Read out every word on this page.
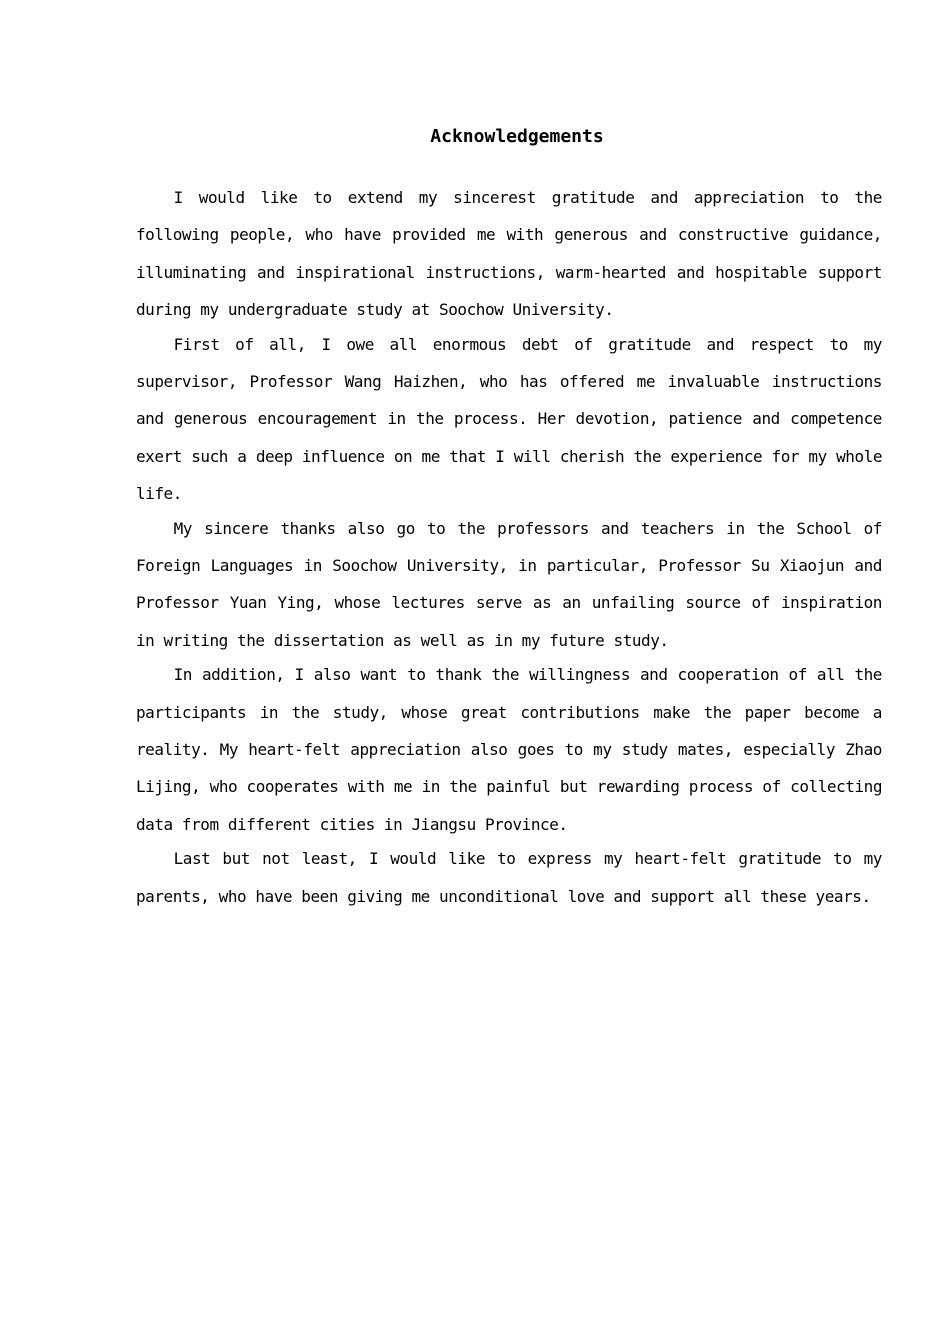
Acknowledgements

I would like to extend my sincerest gratitude and appreciation to the following people, who have provided me with generous and constructive guidance, illuminating and inspirational instructions, warm-hearted and hospitable support during my undergraduate study at Soochow University.

First of all, I owe all enormous debt of gratitude and respect to my supervisor, Professor Wang Haizhen, who has offered me invaluable instructions and generous encouragement in the process. Her devotion, patience and competence exert such a deep influence on me that I will cherish the experience for my whole life.

My sincere thanks also go to the professors and teachers in the School of Foreign Languages in Soochow University, in particular, Professor Su Xiaojun and Professor Yuan Ying, whose lectures serve as an unfailing source of inspiration in writing the dissertation as well as in my future study.

In addition, I also want to thank the willingness and cooperation of all the participants in the study, whose great contributions make the paper become a reality. My heart-felt appreciation also goes to my study mates, especially Zhao Lijing, who cooperates with me in the painful but rewarding process of collecting data from different cities in Jiangsu Province.

Last but not least, I would like to express my heart-felt gratitude to my parents, who have been giving me unconditional love and support all these years.
